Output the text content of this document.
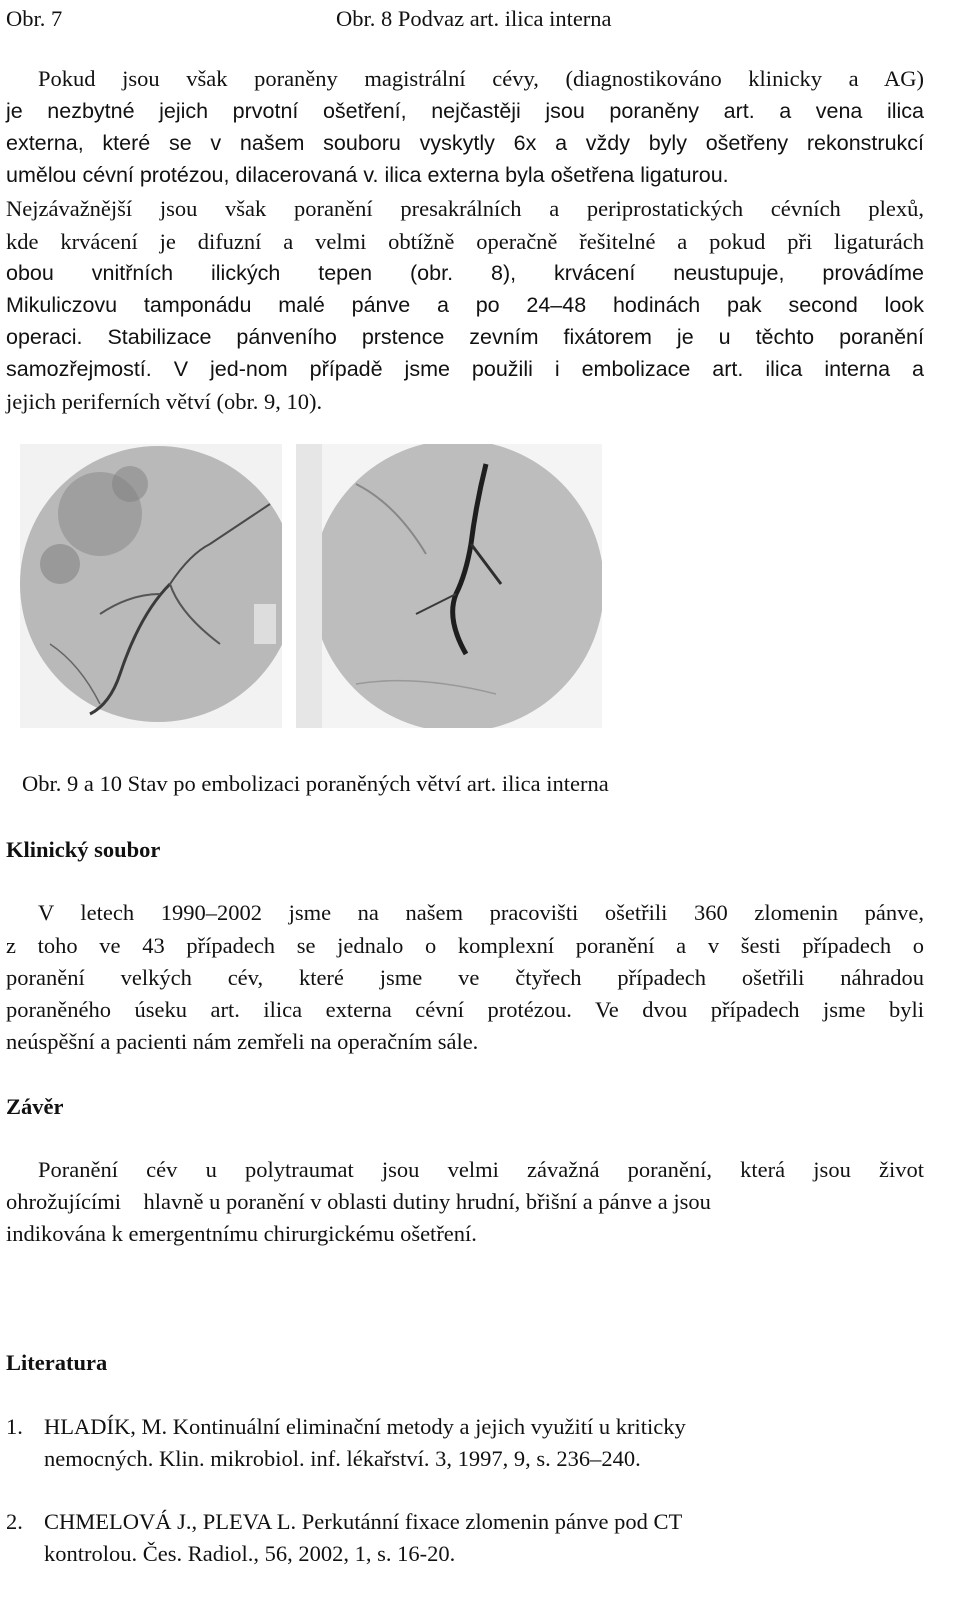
Obr. 7	Obr. 8 Podvaz art. ilica interna
Pokud jsou však poraněny magistrální cévy, (diagnostikováno klinicky a AG)
je nezbytné jejich prvotní ošetření, nejčastěji jsou poraněny art. a vena ilica
externa, které se v našem souboru vyskytly 6x a vždy byly ošetřeny rekonstrukcí
umělou cévní protézou, dilacerovaná v. ilica externa byla ošetřena ligaturou.
Nejzávažnější jsou však poranění presakrálních a periprostatických cévních plexů,
kde krvácení je difuzní a velmi obtížně operačně řešitelné a pokud při ligaturách
obou vnitřních ilických tepen (obr. 8), krvácení neustupuje, provádíme
Mikuliczovu tamponádu malé pánve a po 24–48 hodinách pak second look
operaci. Stabilizace pánveního prstence zevním fixátorem je u těchto poranění
samozřejmostí. V jed-nom případě jsme použili i embolizace art. ilica interna a
jejich periferních větví (obr. 9, 10).
Obr. 9 a 10 Stav po embolizaci poraněných větví art. ilica interna
Klinický soubor
V letech 1990–2002 jsme na našem pracovišti ošetřili 360 zlomenin pánve,
z toho ve 43 případech se jednalo o komplexní poranění a v šesti případech o
poranění velkých cév, které jsme ve čtyřech případech ošetřili náhradou
poraněného úseku art. ilica externa cévní protézou. Ve dvou případech jsme byli
neúspěšní a pacienti nám zemřeli na operačním sále.
Závěr
Poranění cév u polytraumat jsou velmi závažná poranění, která jsou život
ohrožujícími    hlavně u poranění v oblasti dutiny hrudní, břišní a pánve a jsou
indikována k emergentnímu chirurgickému ošetření.
Literatura
1. HLADÍK, M. Kontinuální eliminační metody a jejich využití u kriticky
nemocných. Klin. mikrobiol. inf. lékařství. 3, 1997, 9, s. 236–240.
2. CHMELOVÁ J., PLEVA L. Perkutánní fixace zlomenin pánve pod CT
kontrolou. Čes. Radiol., 56, 2002, 1, s. 16-20.
